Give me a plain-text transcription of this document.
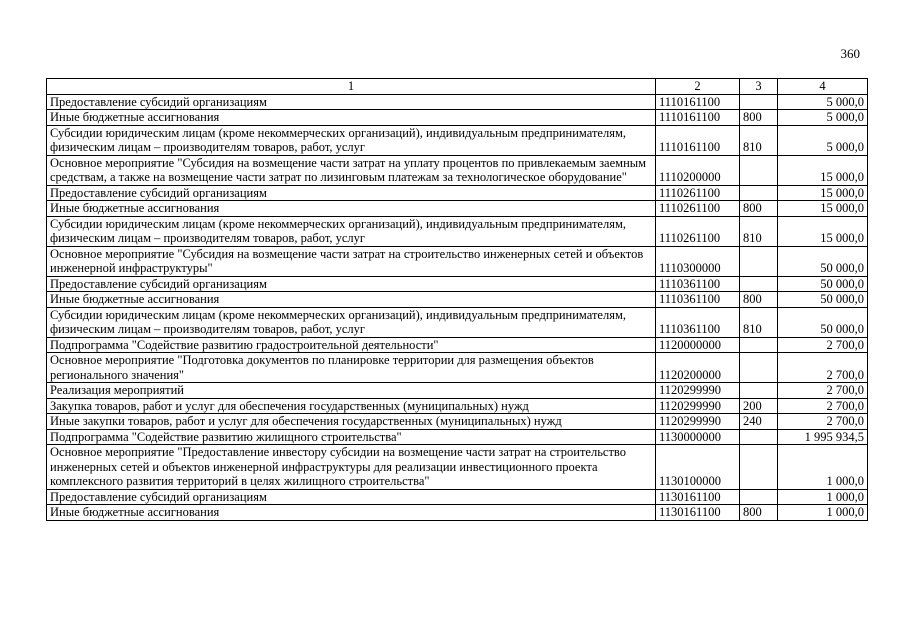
360
1	2	3	4
Предоставление субсидий организациям	1110161100		5 000,0
Иные бюджетные ассигнования	1110161100	800	5 000,0
Субсидии юридическим лицам (кроме некоммерческих организаций), индивидуальным предпринимателям, физическим лицам – производителям товаров, работ, услуг	1110161100	810	5 000,0
Основное мероприятие "Субсидия на возмещение части затрат на уплату процентов по привлекаемым заемным средствам, а также на возмещение части затрат по лизинговым платежам за технологическое оборудование"	1110200000		15 000,0
Предоставление субсидий организациям	1110261100		15 000,0
Иные бюджетные ассигнования	1110261100	800	15 000,0
Субсидии юридическим лицам (кроме некоммерческих организаций), индивидуальным предпринимателям, физическим лицам – производителям товаров, работ, услуг	1110261100	810	15 000,0
Основное мероприятие "Субсидия на возмещение части затрат на строительство инженерных сетей и объектов инженерной инфраструктуры"	1110300000		50 000,0
Предоставление субсидий организациям	1110361100		50 000,0
Иные бюджетные ассигнования	1110361100	800	50 000,0
Субсидии юридическим лицам (кроме некоммерческих организаций), индивидуальным предпринимателям, физическим лицам – производителям товаров, работ, услуг	1110361100	810	50 000,0
Подпрограмма "Содействие развитию градостроительной деятельности"	1120000000		2 700,0
Основное мероприятие "Подготовка документов по планировке территории для размещения объектов регионального значения"	1120200000		2 700,0
Реализация мероприятий	1120299990		2 700,0
Закупка товаров, работ и услуг для обеспечения государственных (муниципальных) нужд	1120299990	200	2 700,0
Иные закупки товаров, работ и услуг для обеспечения государственных (муниципальных) нужд	1120299990	240	2 700,0
Подпрограмма "Содействие развитию жилищного строительства"	1130000000		1 995 934,5
Основное мероприятие "Предоставление инвестору субсидии на возмещение части затрат на строительство инженерных сетей и объектов инженерной инфраструктуры для реализации инвестиционного проекта комплексного развития территорий в целях жилищного строительства"	1130100000		1 000,0
Предоставление субсидий организациям	1130161100		1 000,0
Иные бюджетные ассигнования	1130161100	800	1 000,0
